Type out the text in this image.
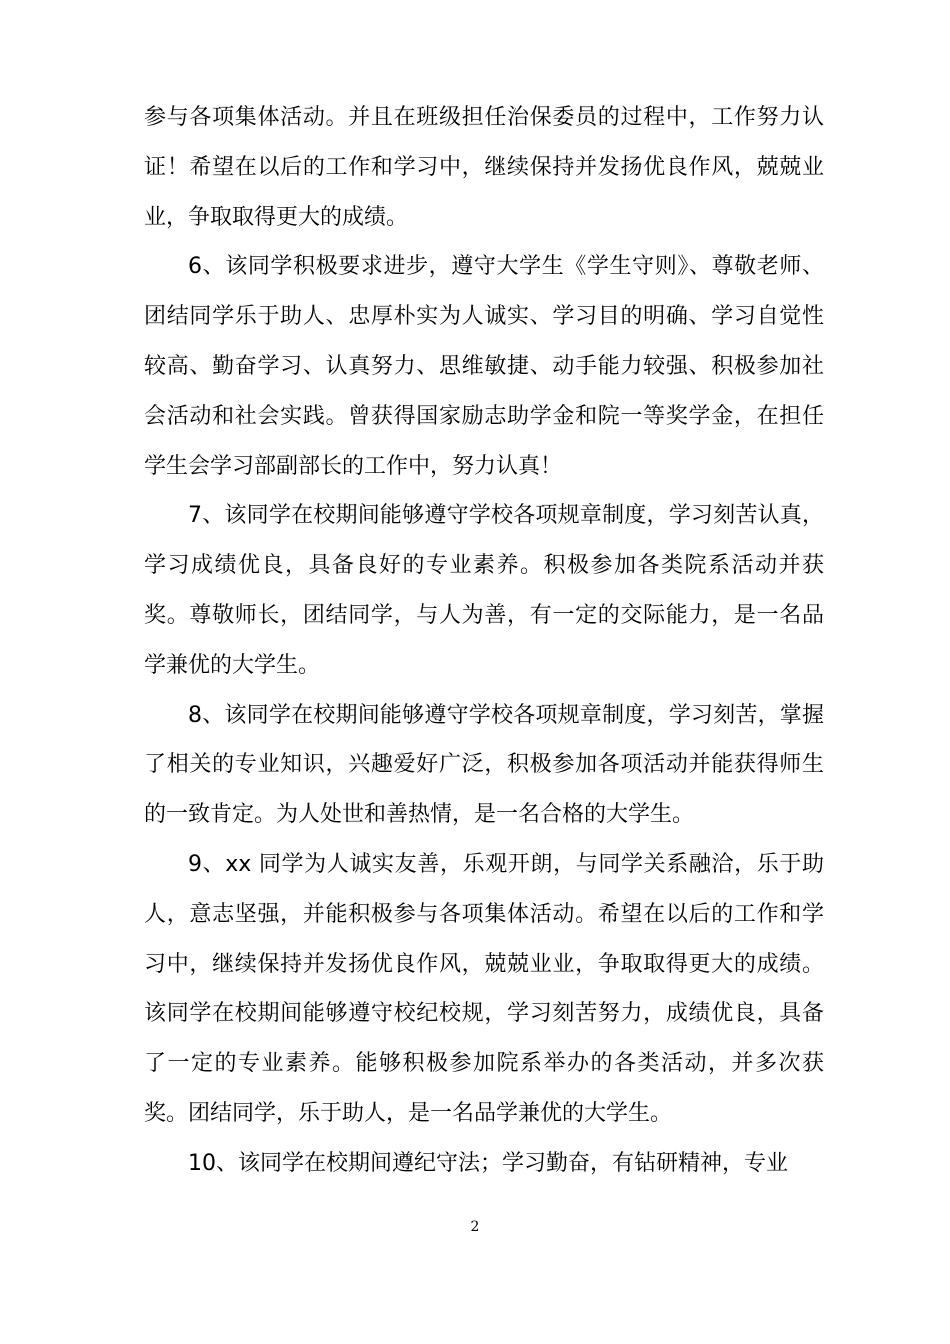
参与各项集体活动。并且在班级担任治保委员的过程中，工作努力认证！希望在以后的工作和学习中，继续保持并发扬优良作风，兢兢业业，争取取得更大的成绩。

6、该同学积极要求进步，遵守大学生《学生守则》、尊敬老师、团结同学乐于助人、忠厚朴实为人诚实、学习目的明确、学习自觉性较高、勤奋学习、认真努力、思维敏捷、动手能力较强、积极参加社会活动和社会实践。曾获得国家励志助学金和院一等奖学金，在担任学生会学习部副部长的工作中，努力认真！

7、该同学在校期间能够遵守学校各项规章制度，学习刻苦认真，学习成绩优良，具备良好的专业素养。积极参加各类院系活动并获奖。尊敬师长，团结同学，与人为善，有一定的交际能力，是一名品学兼优的大学生。

8、该同学在校期间能够遵守学校各项规章制度，学习刻苦，掌握了相关的专业知识，兴趣爱好广泛，积极参加各项活动并能获得师生的一致肯定。为人处世和善热情，是一名合格的大学生。

9、xx 同学为人诚实友善，乐观开朗，与同学关系融洽，乐于助人，意志坚强，并能积极参与各项集体活动。希望在以后的工作和学习中，继续保持并发扬优良作风，兢兢业业，争取取得更大的成绩。该同学在校期间能够遵守校纪校规，学习刻苦努力，成绩优良，具备了一定的专业素养。能够积极参加院系举办的各类活动，并多次获奖。团结同学，乐于助人，是一名品学兼优的大学生。

10、该同学在校期间遵纪守法；学习勤奋，有钻研精神，专业

2
